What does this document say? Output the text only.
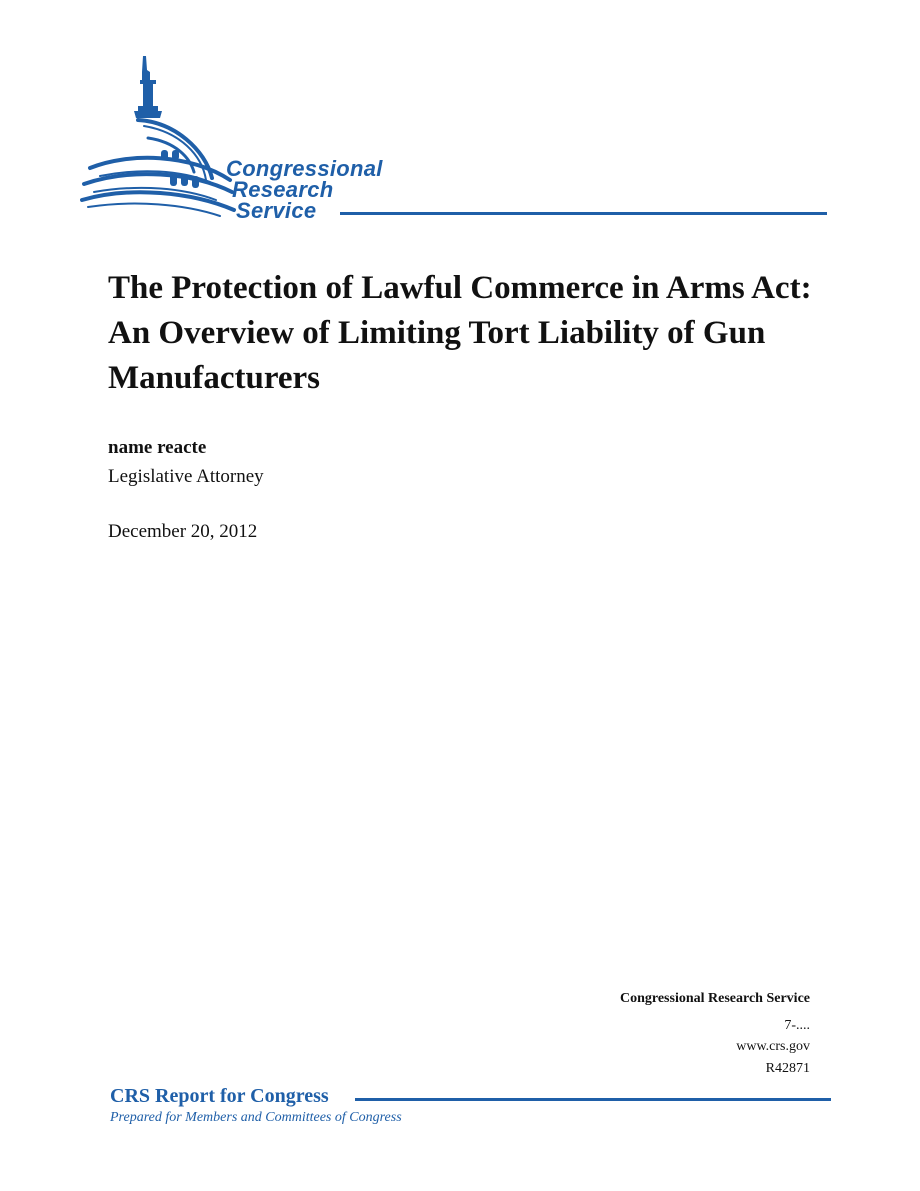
Congressional
Research
Service
The Protection of Lawful Commerce in Arms Act: An Overview of Limiting Tort Liability of Gun Manufacturers
name reacte
Legislative Attorney
December 20, 2012
Congressional Research Service
7-....
www.crs.gov
R42871
CRS Report for Congress
Prepared for Members and Committees of Congress
